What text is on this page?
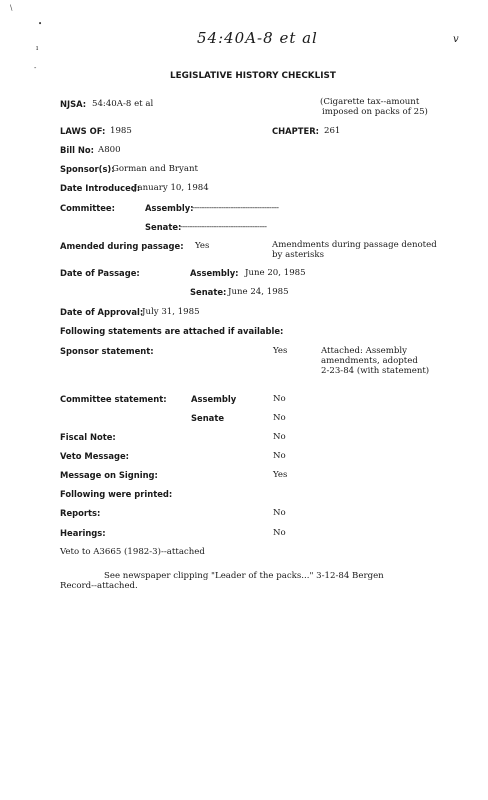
\
•
ı
-
54:40A-8 et al	v
LEGISLATIVE HISTORY CHECKLIST
NJSA: 54:40A-8 et al	(Cigarette tax--amount
imposed on packs of 25)
LAWS OF: 1985	CHAPTER: 261
Bill No: A800
Sponsor(s):
Gorman and Bryant
Date Introduced:
January 10, 1984
Committee:	Assembly:
------------------------------------
Senate:
------------------------------------
Amended during passage: Yes	Amendments during passage denoted
by asterisks
Date of Passage:	Assembly: June 20, 1985
Senate: June 24, 1985
Date of Approval:
July 31, 1985
Following statements are attached if available:
Sponsor statement:	Yes	Attached: Assembly
amendments, adopted
2-23-84 (with statement)
Committee statement:	Assembly	No
Senate	No
Fiscal Note:	No
Veto Message:	No
Message on Signing:	Yes
Following were printed:
Reports:	No
Hearings:	No
Veto to A3665 (1982-3)--attached
See newspaper clipping "Leader of the packs..." 3-12-84 Bergen
Record--attached.
